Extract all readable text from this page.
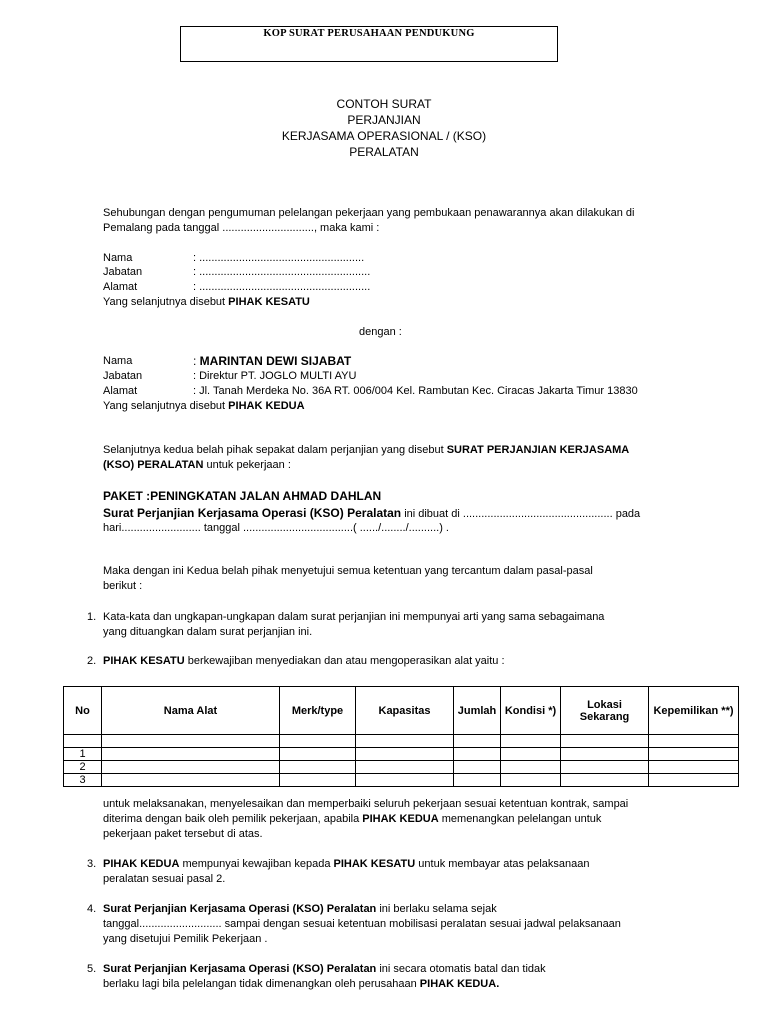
KOP SURAT PERUSAHAAN PENDUKUNG
CONTOH SURAT
PERJANJIAN
KERJASAMA OPERASIONAL / (KSO)
PERALATAN
Sehubungan dengan pengumuman pelelangan pekerjaan yang pembukaan penawarannya akan dilakukan di
Pemalang pada tanggal .............................., maka kami :
Nama	: ......................................................
Jabatan	: ........................................................
Alamat	: ........................................................
Yang selanjutnya disebut PIHAK KESATU
dengan :
Nama	: MARINTAN DEWI SIJABAT
Jabatan	: Direktur PT. JOGLO MULTI AYU
Alamat	: Jl. Tanah Merdeka No. 36A RT. 006/004 Kel. Rambutan Kec. Ciracas Jakarta Timur 13830
Yang selanjutnya disebut PIHAK KEDUA
Selanjutnya kedua belah pihak sepakat dalam perjanjian yang disebut SURAT PERJANJIAN KERJASAMA
(KSO) PERALATAN untuk pekerjaan :
PAKET :PENINGKATAN JALAN AHMAD DAHLAN
Surat Perjanjian Kerjasama Operasi (KSO) Peralatan ini dibuat di ................................................. pada
hari.......................... tanggal ....................................( ....../......../..........) .
Maka dengan ini Kedua belah pihak menyetujui semua ketentuan yang tercantum dalam pasal-pasal
berikut :
1. Kata-kata dan ungkapan-ungkapan dalam surat perjanjian ini mempunyai arti yang sama sebagaimana
yang dituangkan dalam surat perjanjian ini.
2. PIHAK KESATU berkewajiban menyediakan dan atau mengoperasikan alat yaitu :
No	Nama Alat	Merk/type	Kapasitas	Jumlah	Kondisi *)	Lokasi Sekarang	Kepemilikan **)

1							
2							
3							
untuk melaksanakan, menyelesaikan dan memperbaiki seluruh pekerjaan sesuai ketentuan kontrak, sampai
diterima dengan baik oleh pemilik pekerjaan, apabila PIHAK KEDUA memenangkan pelelangan untuk
pekerjaan paket tersebut di atas.
3. PIHAK KEDUA mempunyai kewajiban kepada PIHAK KESATU untuk membayar atas pelaksanaan
peralatan sesuai pasal 2.
4. Surat Perjanjian Kerjasama Operasi (KSO) Peralatan ini berlaku selama sejak
tanggal........................... sampai dengan sesuai ketentuan mobilisasi peralatan sesuai jadwal pelaksanaan
yang disetujui Pemilik Pekerjaan .
5. Surat Perjanjian Kerjasama Operasi (KSO) Peralatan ini secara otomatis batal dan tidak
berlaku lagi bila pelelangan tidak dimenangkan oleh perusahaan PIHAK KEDUA.
